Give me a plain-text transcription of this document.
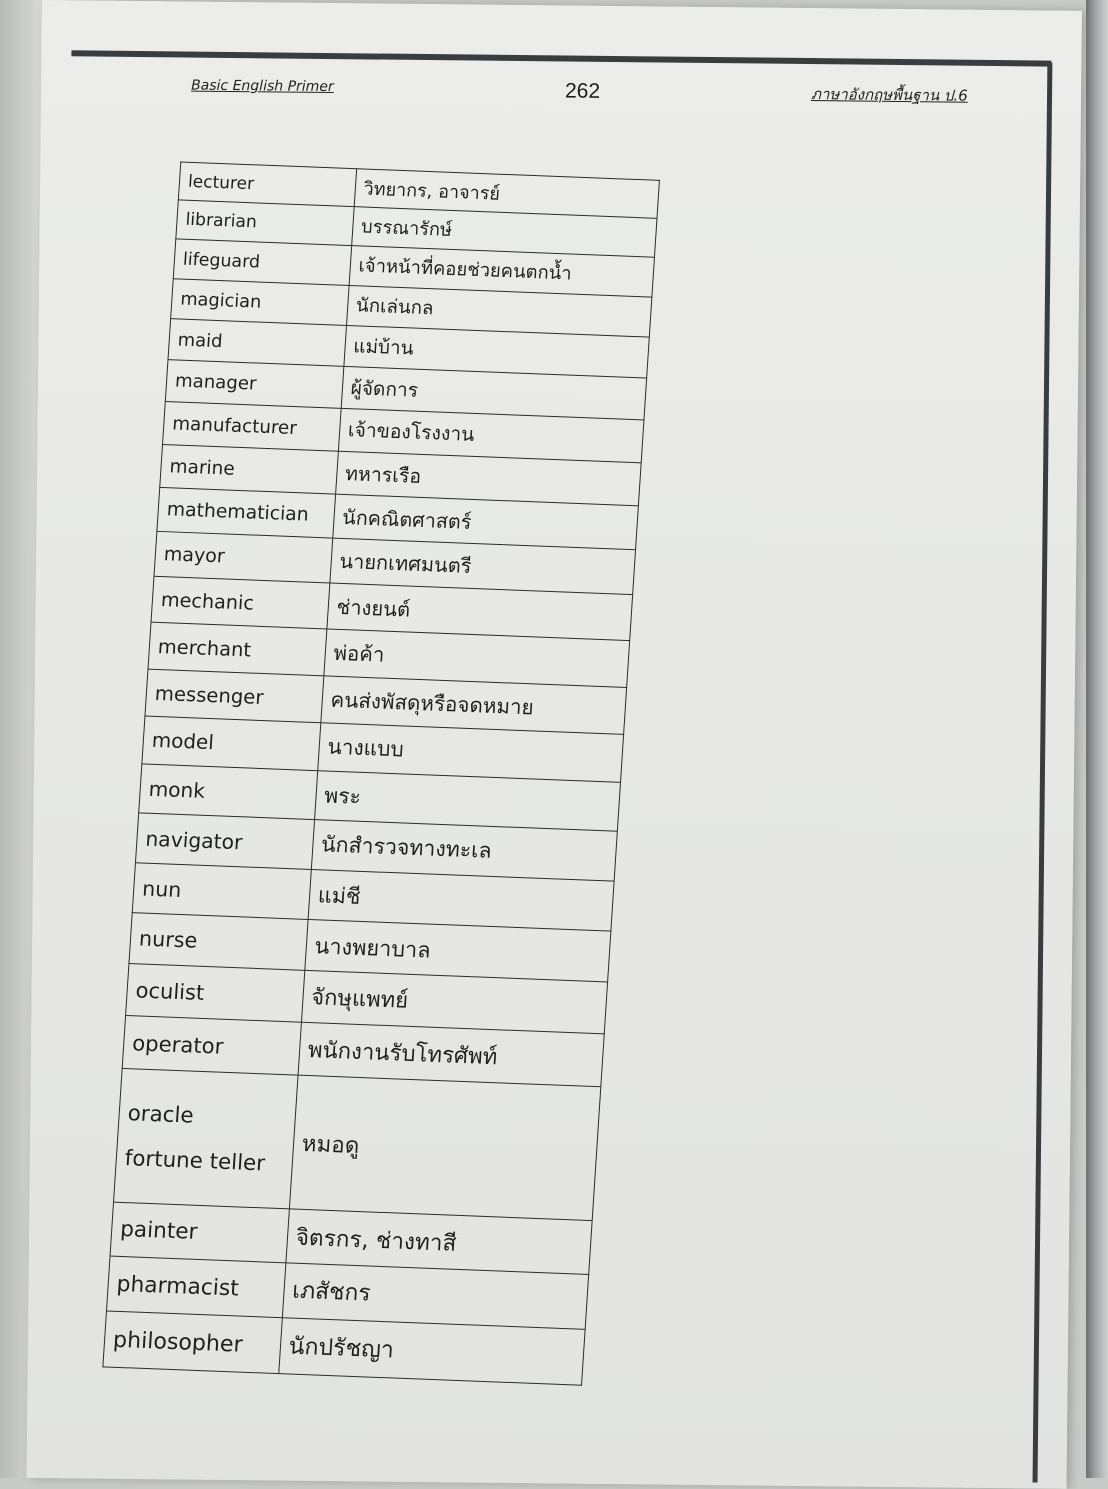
Basic English Primer	262	ภาษาอังกฤษพื้นฐาน ป.6
lecturer	วิทยากร, อาจารย์

librarian	บรรณารักษ์

lifeguard	เจ้าหน้าที่คอยช่วยคนตกน้ำ

magician	นักเล่นกล

maid	แม่บ้าน

manager	ผู้จัดการ

manufacturer	เจ้าของโรงงาน

marine	ทหารเรือ

mathematician	นักคณิตศาสตร์

mayor	นายกเทศมนตรี

mechanic	ช่างยนต์

merchant	พ่อค้า

messenger	คนส่งพัสดุหรือจดหมาย

model	นางแบบ

monk	พระ

navigator	นักสำรวจทางทะเล

nun	แม่ชี

nurse	นางพยาบาล

oculist	จักษุแพทย์

operator	พนักงานรับโทรศัพท์

oracle
fortune teller	หมอดู

painter	จิตรกร, ช่างทาสี

pharmacist	เภสัชกร

philosopher	นักปรัชญา
